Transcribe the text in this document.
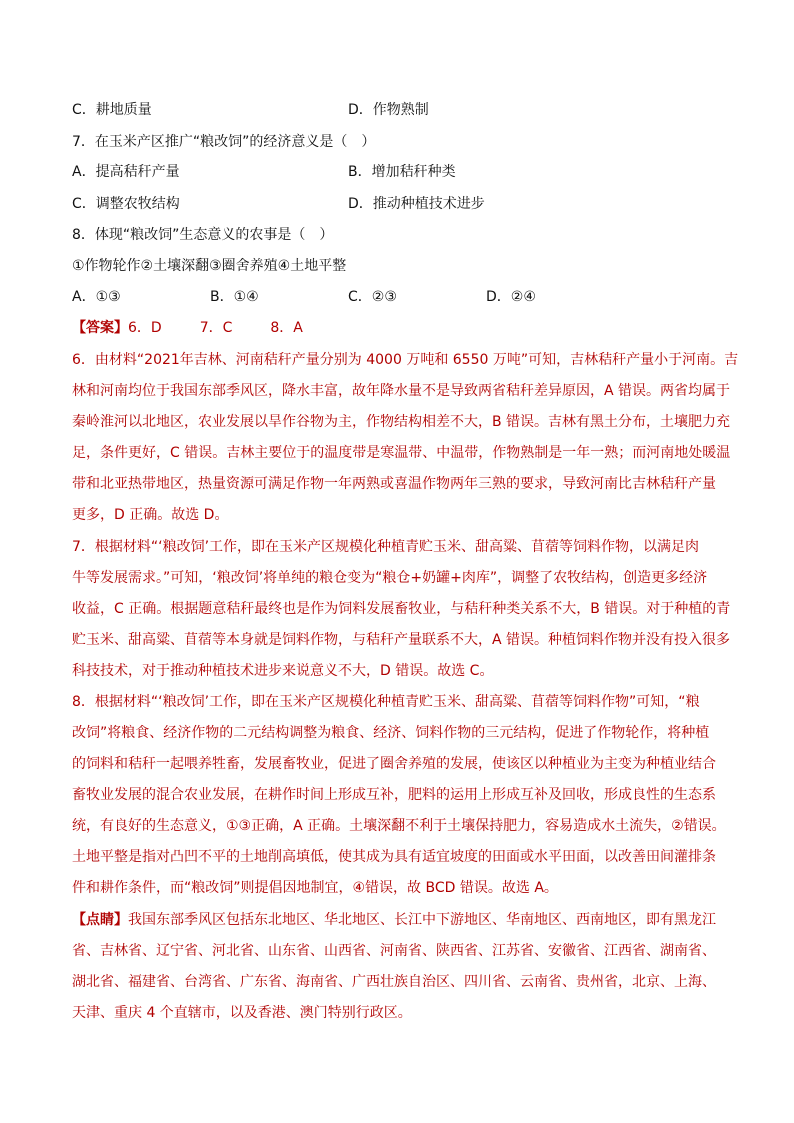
C．耕地质量	D．作物熟制
7．在玉米产区推广“粮改饲”的经济意义是（　）
A．提高秸秆产量	B．增加秸秆种类
C．调整农牧结构	D．推动种植技术进步
8．体现“粮改饲”生态意义的农事是（　）
①作物轮作②土壤深翻③圈舍养殖④土地平整
A．①③	B．①④	C．②③	D．②④
【答案】6．D	7．C	8．A
6．由材料“2021年吉林、河南秸秆产量分别为 4000 万吨和 6550 万吨”可知，吉林秸秆产量小于河南。吉
林和河南均位于我国东部季风区，降水丰富，故年降水量不是导致两省秸秆差异原因，A 错误。两省均属于
秦岭淮河以北地区，农业发展以旱作谷物为主，作物结构相差不大，B 错误。吉林有黑土分布，土壤肥力充
足，条件更好，C 错误。吉林主要位于的温度带是寒温带、中温带，作物熟制是一年一熟；而河南地处暖温
带和北亚热带地区，热量资源可满足作物一年两熟或喜温作物两年三熟的要求，导致河南比吉林秸秆产量
更多，D 正确。故选 D。
7．根据材料“‘粮改饲’工作，即在玉米产区规模化种植青贮玉米、甜高粱、苜蓿等饲料作物，以满足肉
牛等发展需求。”可知，‘粮改饲’将单纯的粮仓变为“粮仓+奶罐+肉库”，调整了农牧结构，创造更多经济
收益，C 正确。根据题意秸秆最终也是作为饲料发展畜牧业，与秸秆种类关系不大，B 错误。对于种植的青
贮玉米、甜高粱、苜蓿等本身就是饲料作物，与秸秆产量联系不大，A 错误。种植饲料作物并没有投入很多
科技技术，对于推动种植技术进步来说意义不大，D 错误。故选 C。
8．根据材料“‘粮改饲’工作，即在玉米产区规模化种植青贮玉米、甜高粱、苜蓿等饲料作物”可知，“粮
改饲”将粮食、经济作物的二元结构调整为粮食、经济、饲料作物的三元结构，促进了作物轮作，将种植
的饲料和秸秆一起喂养牲畜，发展畜牧业，促进了圈舍养殖的发展，使该区以种植业为主变为种植业结合
畜牧业发展的混合农业发展，在耕作时间上形成互补，肥料的运用上形成互补及回收，形成良性的生态系
统，有良好的生态意义，①③正确，A 正确。土壤深翻不利于土壤保持肥力，容易造成水土流失，②错误。
土地平整是指对凸凹不平的土地削高填低，使其成为具有适宜坡度的田面或水平田面，以改善田间灌排条
件和耕作条件，而“粮改饲”则提倡因地制宜，④错误，故 BCD 错误。故选 A。
【点睛】我国东部季风区包括东北地区、华北地区、长江中下游地区、华南地区、西南地区，即有黑龙江
省、吉林省、辽宁省、河北省、山东省、山西省、河南省、陕西省、江苏省、安徽省、江西省、湖南省、
湖北省、福建省、台湾省、广东省、海南省、广西壮族自治区、四川省、云南省、贵州省，北京、上海、
天津、重庆 4 个直辖市，以及香港、澳门特别行政区。
